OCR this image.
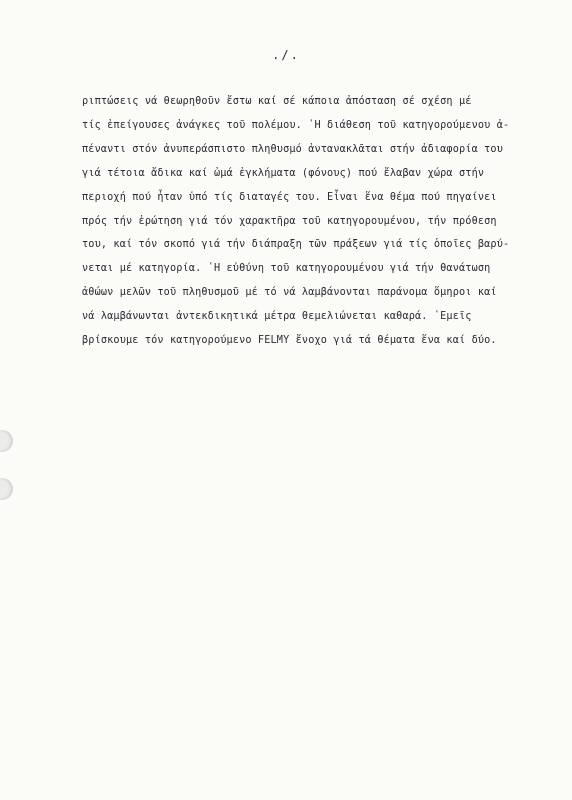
./.
ριπτώσεις νά θεωρηθοῦν ἔστω καί σέ κάποια ἀπόσταση σέ σχέση μέ
τίς ἐπείγουσες ἀνάγκες τοῦ πολέμου. ῾Η διάθεση τοῦ κατηγορούμενου ἀ-
πέναντι στόν ἀνυπεράσπιστο πληθυσμό ἀντανακλᾶται στήν ἀδιαφορία του
γιά τέτοια ἄδικα καί ὠμά ἐγκλήματα (φόνους) πού ἔλαβαν χώρα στήν
περιοχή πού ἦταν ὑπό τίς διαταγές του. Εἶναι ἕνα θέμα πού πηγαίνει
πρός τήν ἐρώτηση γιά τόν χαρακτῆρα τοῦ κατηγορουμένου, τήν πρόθεση
του, καί τόν σκοπό γιά τήν διάπραξη τῶν πράξεων γιά τίς ὁποῖες βαρύ-
νεται μέ κατηγορία. ῾Η εὐθύνη τοῦ κατηγορουμένου γιά τήν θανάτωση
ἀθώων μελῶν τοῦ πληθυσμοῦ μέ τό νά λαμβάνονται παράνομα ὅμηροι καί
νά λαμβάνωνται ἀντεκδικητικά μέτρα θεμελιώνεται καθαρά. ῾Εμεῖς
βρίσκουμε τόν κατηγορούμενο FELMY ἔνοχο γιά τά θέματα ἕνα καί δύο.
